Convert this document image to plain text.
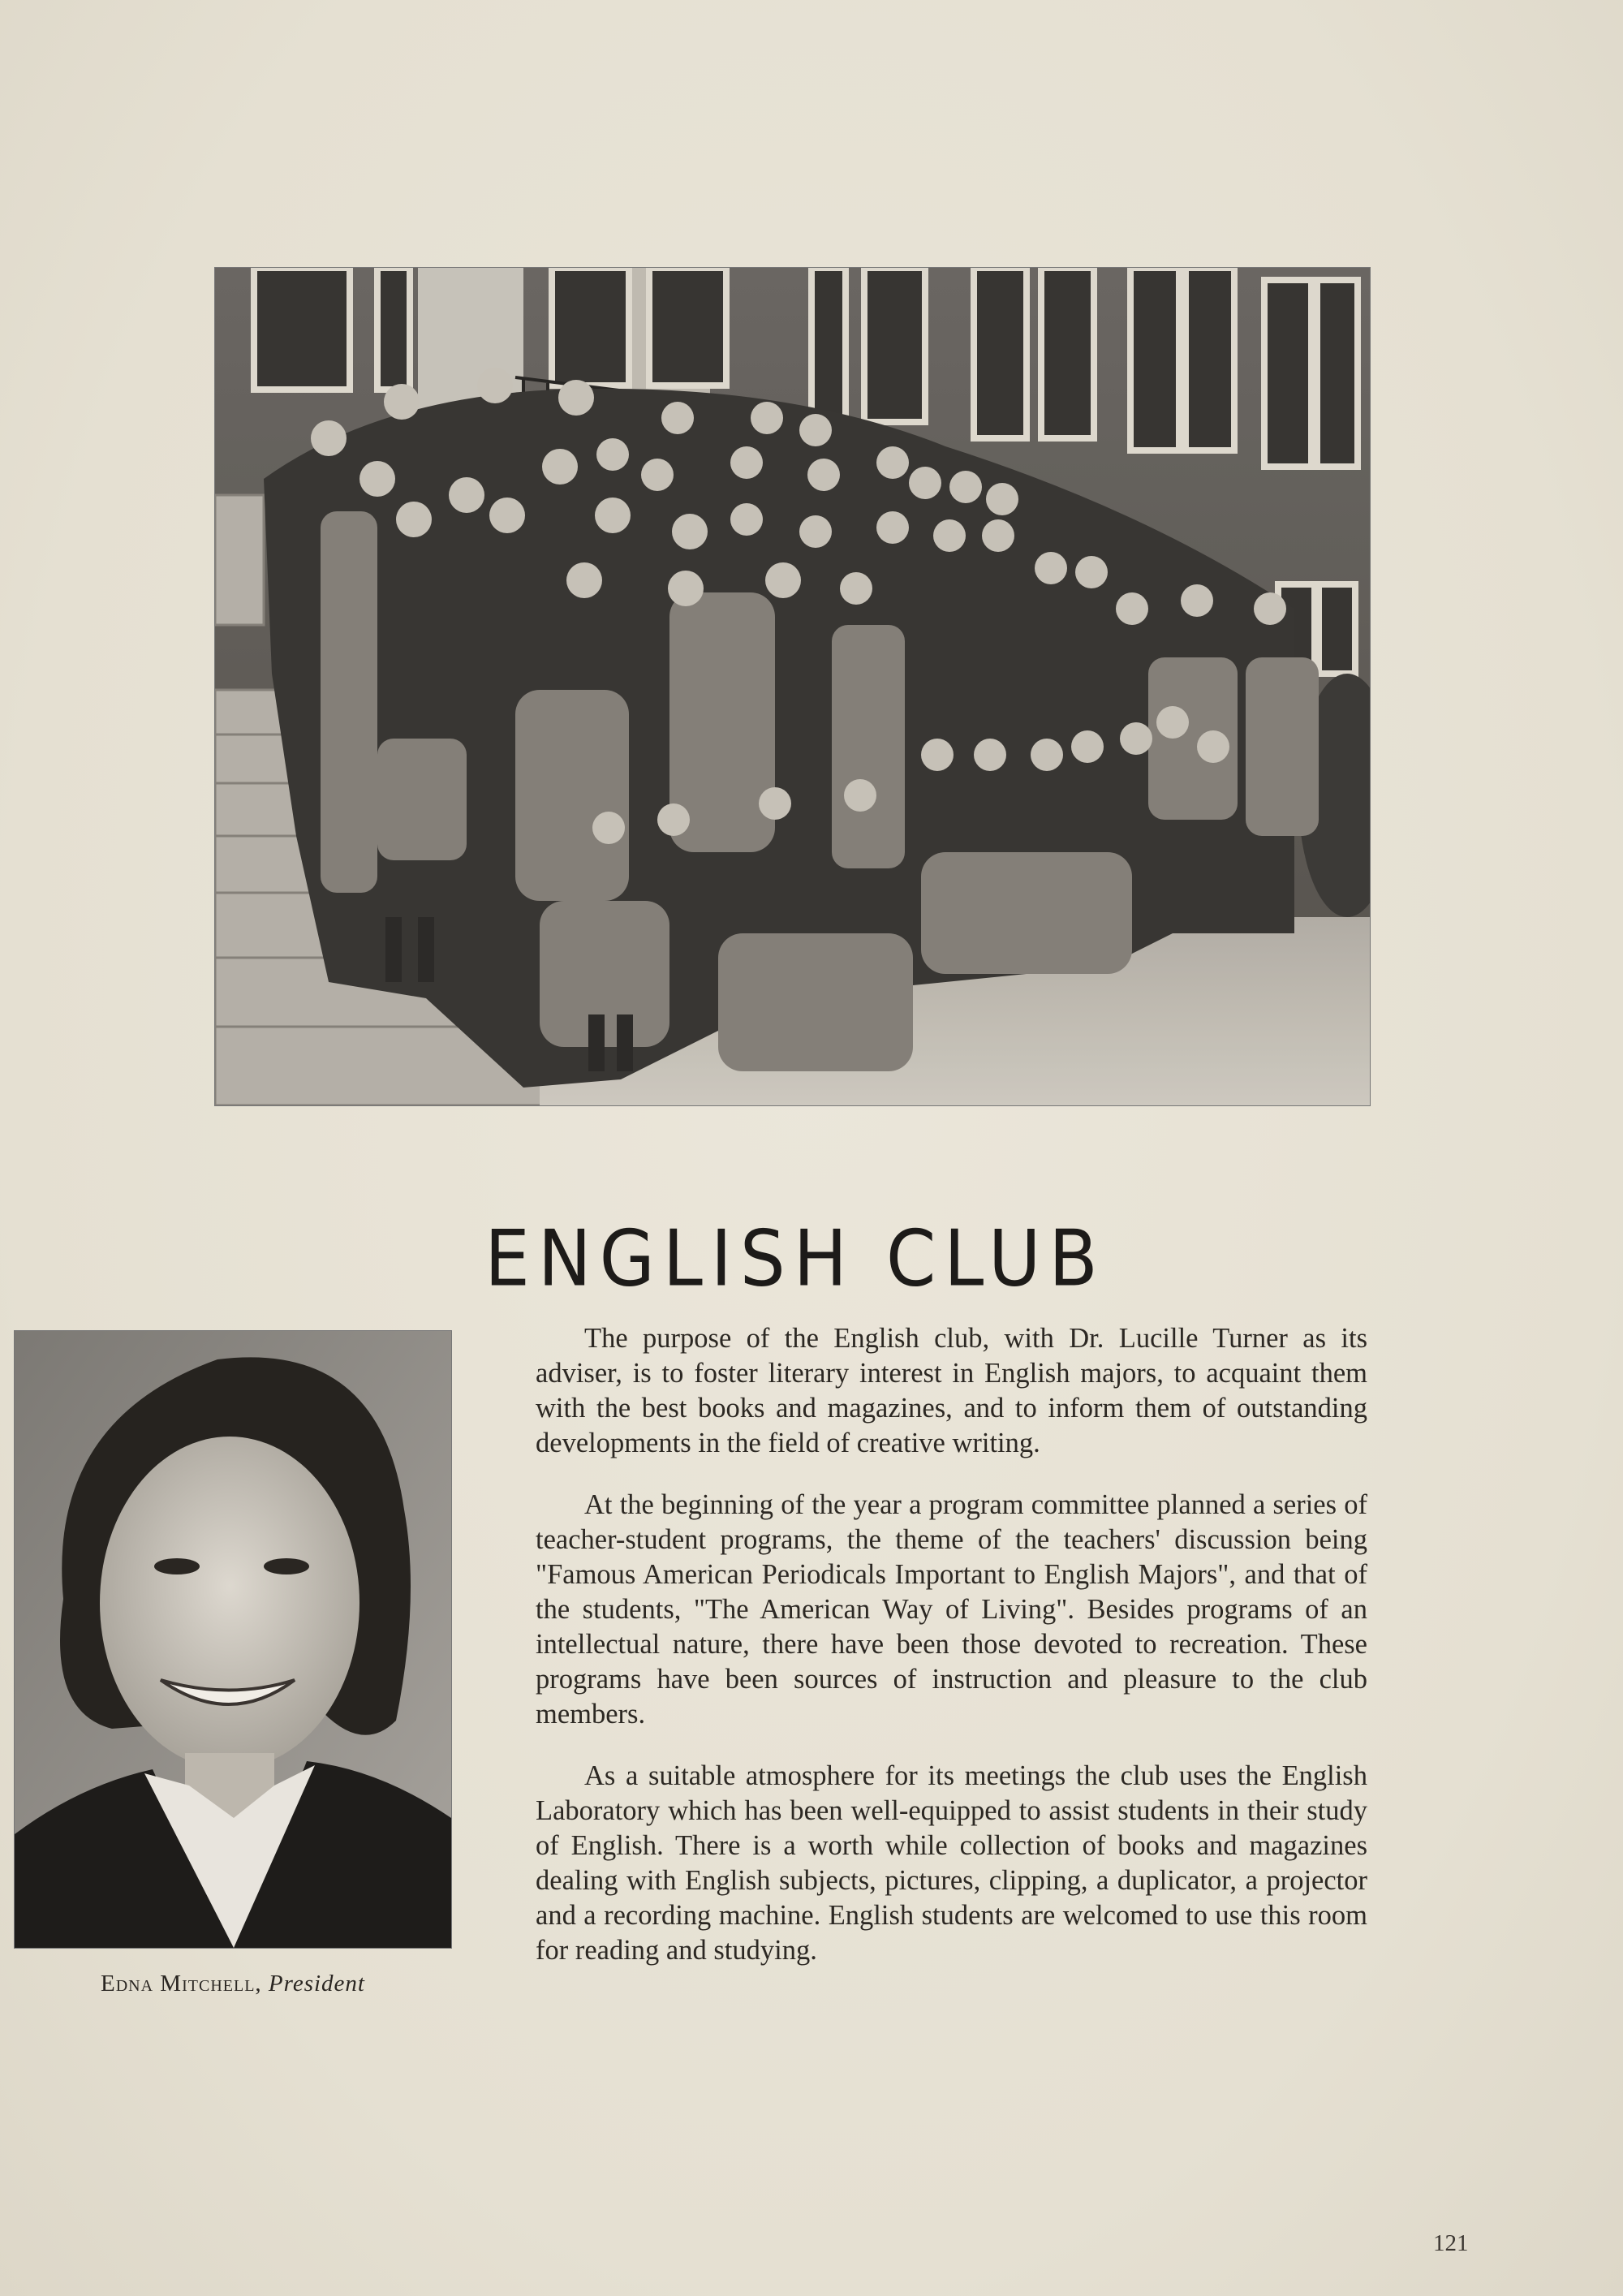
ENGLISH CLUB
Edna Mitchell, President

The purpose of the English club, with Dr. Lucille Turner as its adviser, is to foster literary interest in English majors, to acquaint them with the best books and magazines, and to inform them of outstanding developments in the field of creative writing.

At the beginning of the year a program committee planned a series of teacher-student programs, the theme of the teachers' discussion being "Famous American Periodicals Important to English Majors", and that of the students, "The American Way of Living". Besides programs of an intellectual nature, there have been those devoted to recreation. These programs have been sources of instruction and pleasure to the club members.

As a suitable atmosphere for its meetings the club uses the English Laboratory which has been well-equipped to assist students in their study of English. There is a worth while collection of books and magazines dealing with English subjects, pictures, clipping, a duplicator, a projector and a recording machine. English students are welcomed to use this room for reading and studying.

121
